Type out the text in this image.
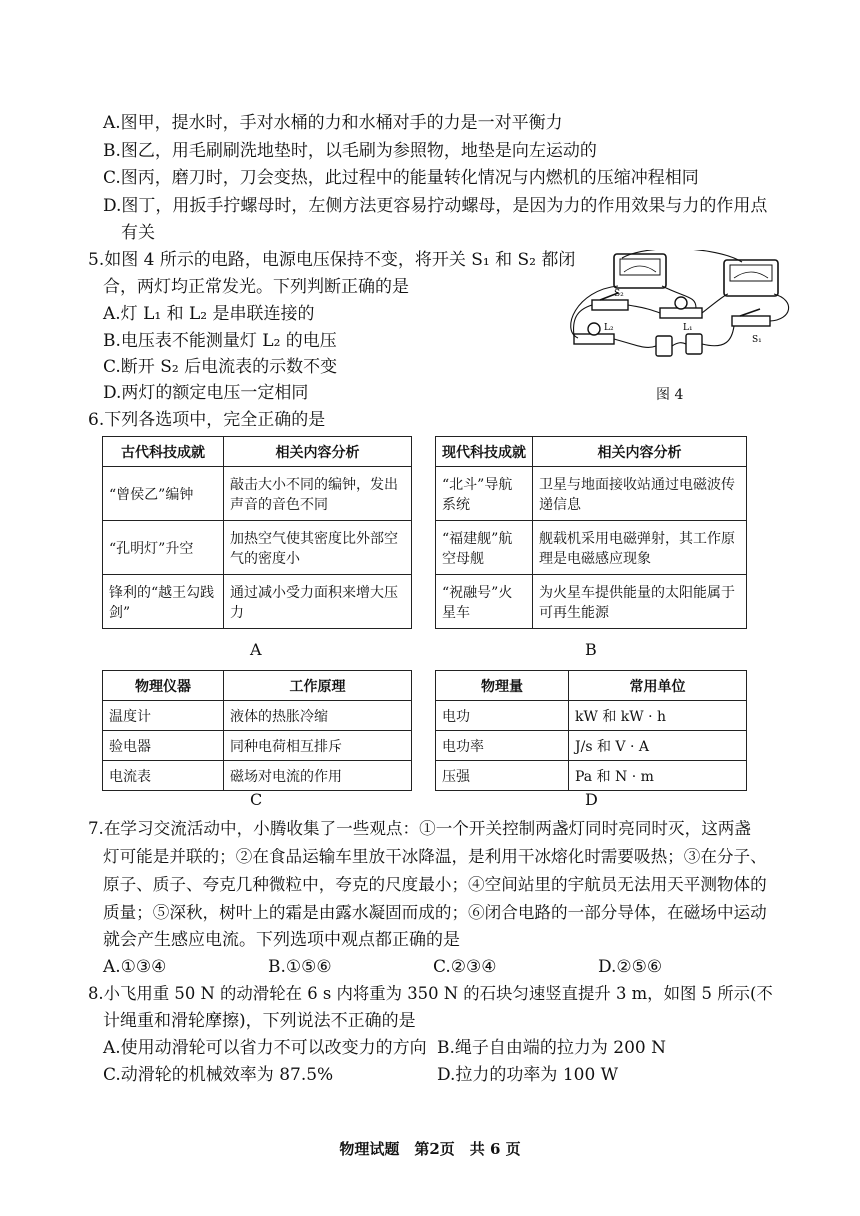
A.图甲，提水时，手对水桶的力和水桶对手的力是一对平衡力
B.图乙，用毛刷刷洗地垫时，以毛刷为参照物，地垫是向左运动的
C.图丙，磨刀时，刀会变热，此过程中的能量转化情况与内燃机的压缩冲程相同
D.图丁，用扳手拧螺母时，左侧方法更容易拧动螺母，是因为力的作用效果与力的作用点
有关
5.如图 4 所示的电路，电源电压保持不变，将开关 S₁ 和 S₂ 都闭
合，两灯均正常发光。下列判断正确的是
A.灯 L₁ 和 L₂ 是串联连接的
B.电压表不能测量灯 L₂ 的电压
C.断开 S₂ 后电流表的示数不变
D.两灯的额定电压一定相同
S₂
L₁
L₂
S₁
图 4
6.下列各选项中，完全正确的是
古代科技成就	相关内容分析
“曾侯乙”编钟	敲击大小不同的编钟，发出声音的音色不同
“孔明灯”升空	加热空气使其密度比外部空气的密度小
锋利的“越王勾践剑”	通过减小受力面积来增大压力
A
现代科技成就	相关内容分析
“北斗”导航系统	卫星与地面接收站通过电磁波传递信息
“福建舰”航空母舰	舰载机采用电磁弹射，其工作原理是电磁感应现象
“祝融号”火星车	为火星车提供能量的太阳能属于可再生能源
B
物理仪器	工作原理
温度计	液体的热胀冷缩
验电器	同种电荷相互排斥
电流表	磁场对电流的作用
C
物理量	常用单位
电功	kW 和 kW · h
电功率	J/s 和 V · A
压强	Pa 和 N · m
D
7.在学习交流活动中，小腾收集了一些观点：①一个开关控制两盏灯同时亮同时灭，这两盏
灯可能是并联的；②在食品运输车里放干冰降温，是利用干冰熔化时需要吸热；③在分子、
原子、质子、夸克几种微粒中，夸克的尺度最小；④空间站里的宇航员无法用天平测物体的
质量；⑤深秋，树叶上的霜是由露水凝固而成的；⑥闭合电路的一部分导体，在磁场中运动
就会产生感应电流。下列选项中观点都正确的是
A.①③④	B.①⑤⑥	C.②③④	D.②⑤⑥
8.小飞用重 50 N 的动滑轮在 6 s 内将重为 350 N 的石块匀速竖直提升 3 m，如图 5 所示(不
计绳重和滑轮摩擦)，下列说法不正确的是
A.使用动滑轮可以省力不可以改变力的方向 B.绳子自由端的拉力为 200 N
C.动滑轮的机械效率为 87.5%	D.拉力的功率为 100 W
物理试题　第2页　共 6 页
